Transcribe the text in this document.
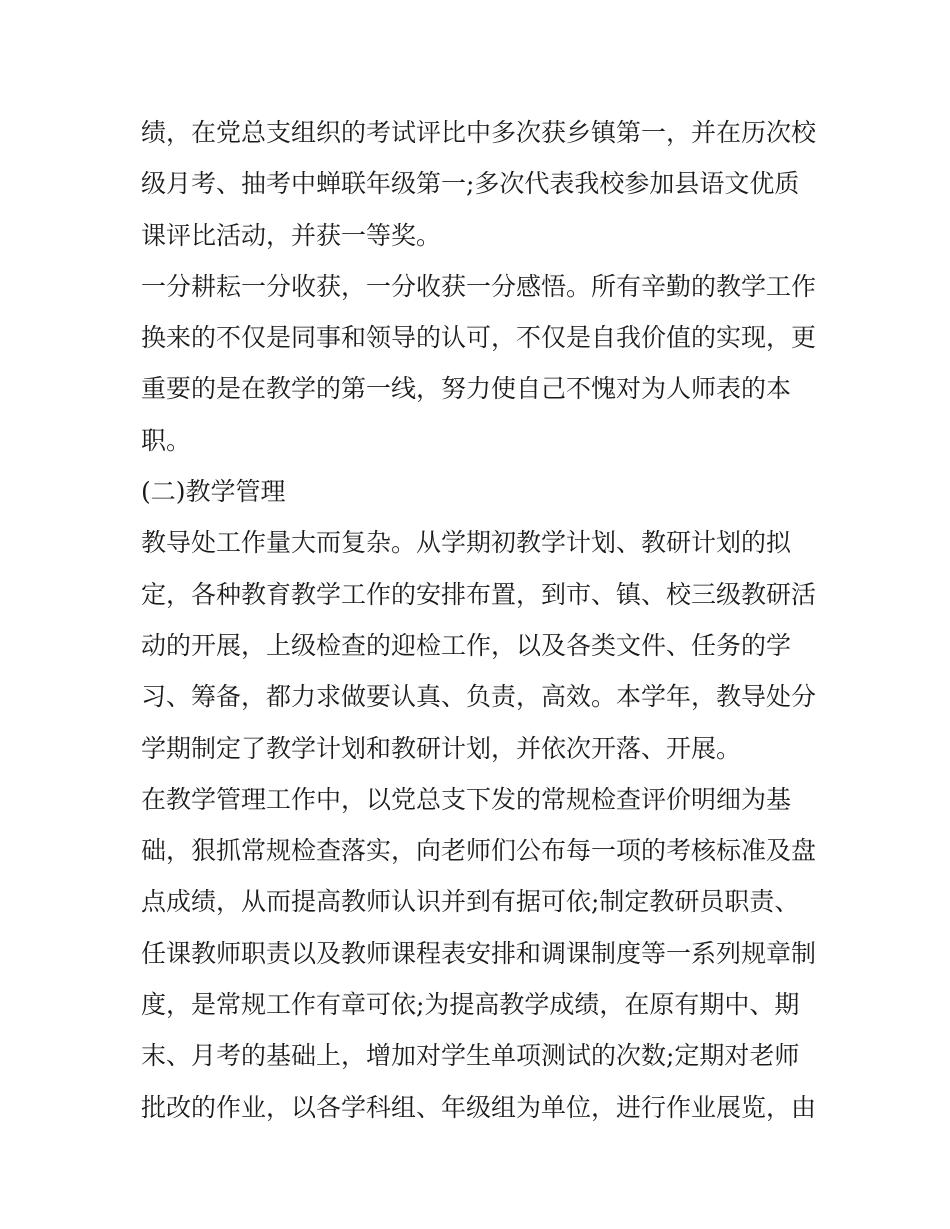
绩，在党总支组织的考试评比中多次获乡镇第一，并在历次校
级月考、抽考中蝉联年级第一;多次代表我校参加县语文优质
课评比活动，并获一等奖。
一分耕耘一分收获，一分收获一分感悟。所有辛勤的教学工作
换来的不仅是同事和领导的认可，不仅是自我价值的实现，更
重要的是在教学的第一线，努力使自己不愧对为人师表的本
职。
(二)教学管理
教导处工作量大而复杂。从学期初教学计划、教研计划的拟
定，各种教育教学工作的安排布置，到市、镇、校三级教研活
动的开展，上级检查的迎检工作，以及各类文件、任务的学
习、筹备，都力求做要认真、负责，高效。本学年，教导处分
学期制定了教学计划和教研计划，并依次开落、开展。
在教学管理工作中，以党总支下发的常规检查评价明细为基
础，狠抓常规检查落实，向老师们公布每一项的考核标准及盘
点成绩，从而提高教师认识并到有据可依;制定教研员职责、
任课教师职责以及教师课程表安排和调课制度等一系列规章制
度，是常规工作有章可依;为提高教学成绩，在原有期中、期
末、月考的基础上，增加对学生单项测试的次数;定期对老师
批改的作业，以各学科组、年级组为单位，进行作业展览，由
